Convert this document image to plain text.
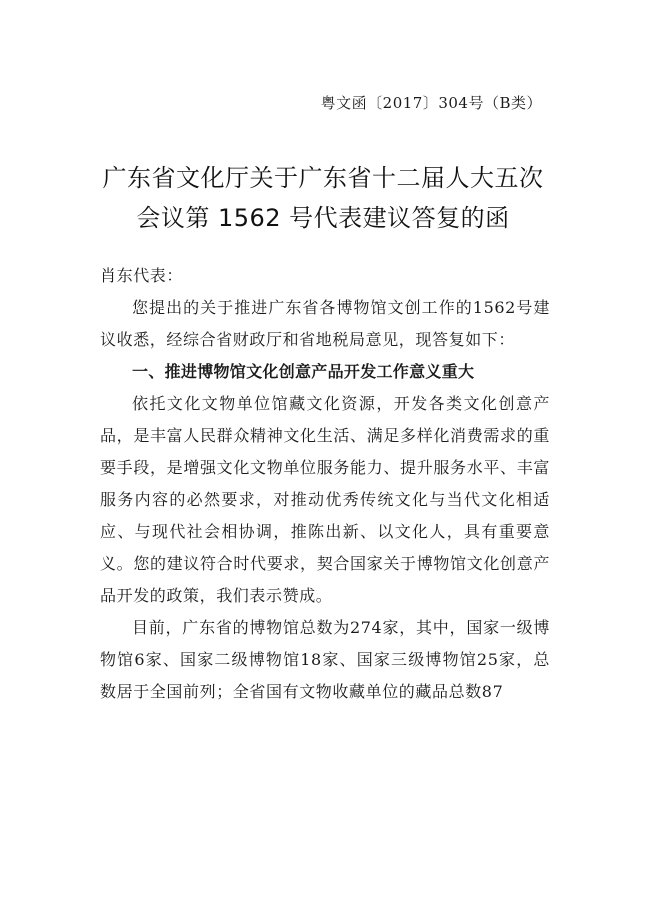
粤文函〔2017〕304号（B类）
广东省文化厅关于广东省十二届人大五次
会议第 1562 号代表建议答复的函

肖东代表：

您提出的关于推进广东省各博物馆文创工作的1562号建议收悉，经综合省财政厅和省地税局意见，现答复如下：

一、推进博物馆文化创意产品开发工作意义重大

依托文化文物单位馆藏文化资源，开发各类文化创意产品，是丰富人民群众精神文化生活、满足多样化消费需求的重要手段，是增强文化文物单位服务能力、提升服务水平、丰富服务内容的必然要求，对推动优秀传统文化与当代文化相适应、与现代社会相协调，推陈出新、以文化人，具有重要意义。您的建议符合时代要求，契合国家关于博物馆文化创意产品开发的政策，我们表示赞成。

目前，广东省的博物馆总数为274家，其中，国家一级博物馆6家、国家二级博物馆18家、国家三级博物馆25家，总数居于全国前列；全省国有文物收藏单位的藏品总数87
